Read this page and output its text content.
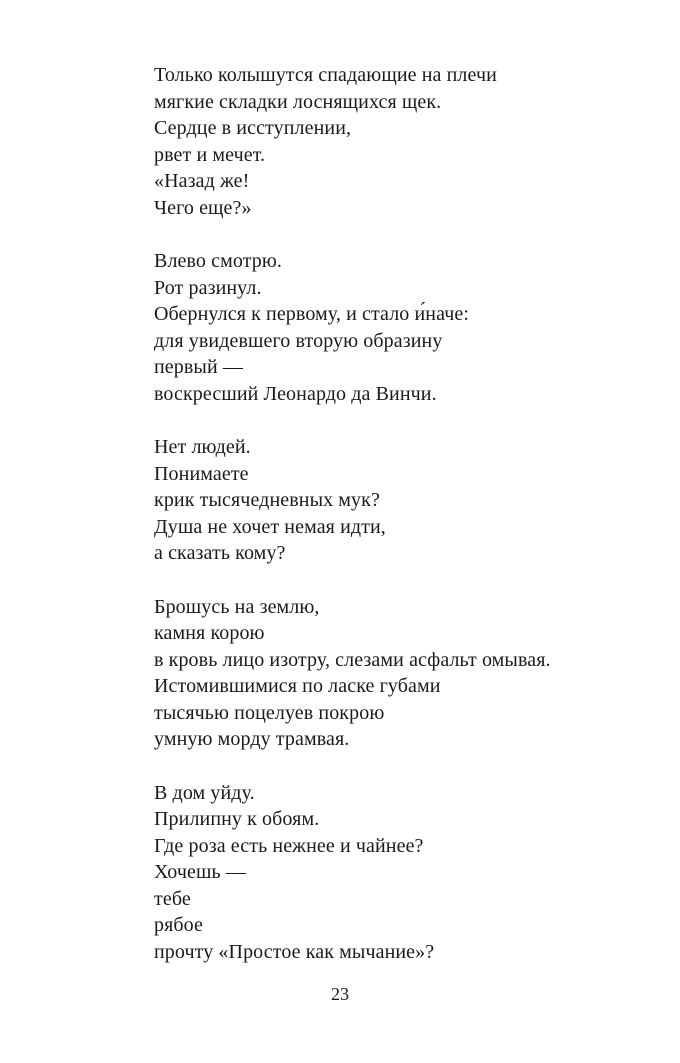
Только колышутся спадающие на плечи
мягкие складки лоснящихся щек.
Сердце в исступлении,
рвет и мечет.
«Назад же!
Чего еще?»
Влево смотрю.
Рот разинул.
Обернулся к первому, и стало и́наче:
для увидевшего вторую образину
первый —
воскресший Леонардо да Винчи.
Нет людей.
Понимаете
крик тысячедневных мук?
Душа не хочет немая идти,
а сказать кому?
Брошусь на землю,
камня корою
в кровь лицо изотру, слезами асфальт омывая.
Истомившимися по ласке губами
тысячью поцелуев покрою
умную морду трамвая.
В дом уйду.
Прилипну к обоям.
Где роза есть нежнее и чайнее?
Хочешь —
тебе
рябое
прочту «Простое как мычание»?
23
